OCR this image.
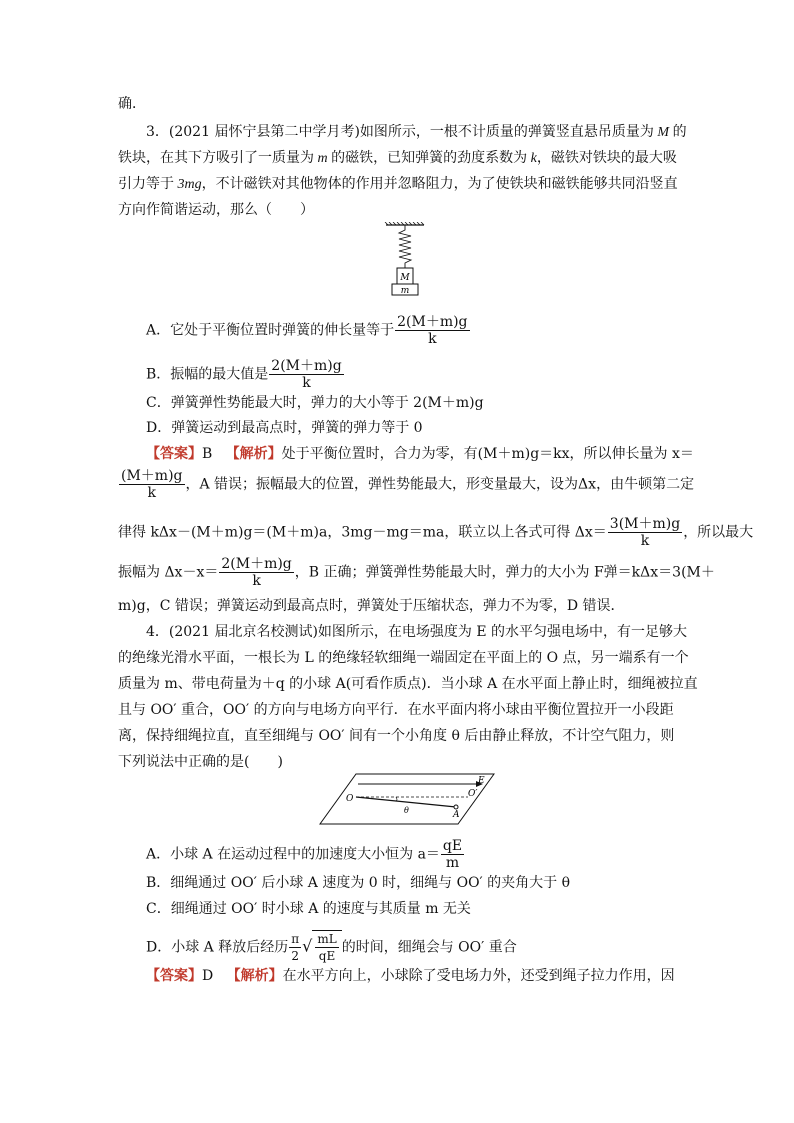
确．
3．(2021 届怀宁县第二中学月考)如图所示，一根不计质量的弹簧竖直悬吊质量为 M 的
铁块，在其下方吸引了一质量为 m 的磁铁，已知弹簧的劲度系数为 k，磁铁对铁块的最大吸
引力等于 3mg，不计磁铁对其他物体的作用并忽略阻力，为了使铁块和磁铁能够共同沿竖直
方向作简谐运动，那么（　　）
M
m
A．它处于平衡位置时弹簧的伸长量等于 $\frac{2(M+m)g}{k}$
B．振幅的最大值是 $\frac{2(M+m)g}{k}$
C．弹簧弹性势能最大时，弹力的大小等于 2(M＋m)g
D．弹簧运动到最高点时，弹簧的弹力等于 0
【答案】B 【解析】处于平衡位置时，合力为零，有(M＋m)g＝kx，所以伸长量为 x＝
$\frac{(M+m)g}{k}$ ，A 错误；振幅最大的位置，弹性势能最大，形变量最大，设为Δx，由牛顿第二定
律得 kΔx－(M＋m)g＝(M＋m)a，3mg－mg＝ma，联立以上各式可得 $\Delta x= \frac{3(M+m)g}{k}$ ，所以最大
振幅为 $\Delta x-x= \frac{2(M+m)g}{k}$ ，B 正确；弹簧弹性势能最大时，弹力的大小为 F弹＝kΔx＝3(M＋
m)g，C 错误；弹簧运动到最高点时，弹簧处于压缩状态，弹力不为零，D 错误．
4．(2021 届北京名校测试)如图所示，在电场强度为 E 的水平匀强电场中，有一足够大
的绝缘光滑水平面，一根长为 L 的绝缘轻软细绳一端固定在平面上的 O 点，另一端系有一个
质量为 m、带电荷量为＋q 的小球 A(可看作质点)．当小球 A 在水平面上静止时，细绳被拉直
且与 OO′ 重合，OO′ 的方向与电场方向平行．在水平面内将小球由平衡位置拉开一小段距
离，保持细绳拉直，直至细绳与 OO′ 间有一个小角度 θ 后由静止释放，不计空气阻力，则
下列说法中正确的是(　　)
E
O	O′
θ	A
A．小球 A 在运动过程中的加速度大小恒为 $a= \frac{qE}{m}$
B．细绳通过 OO′ 后小球 A 速度为 0 时，细绳与 OO′ 的夹角大于 θ
C．细绳通过 OO′ 时小球 A 的速度与其质量 m 无关
D．小球 A 释放后经历 $\frac{\pi}{2}$ √ $\frac{mL}{qE}$ 的时间，细绳会与 OO′ 重合
【答案】D 【解析】在水平方向上，小球除了受电场力外，还受到绳子拉力作用，因
